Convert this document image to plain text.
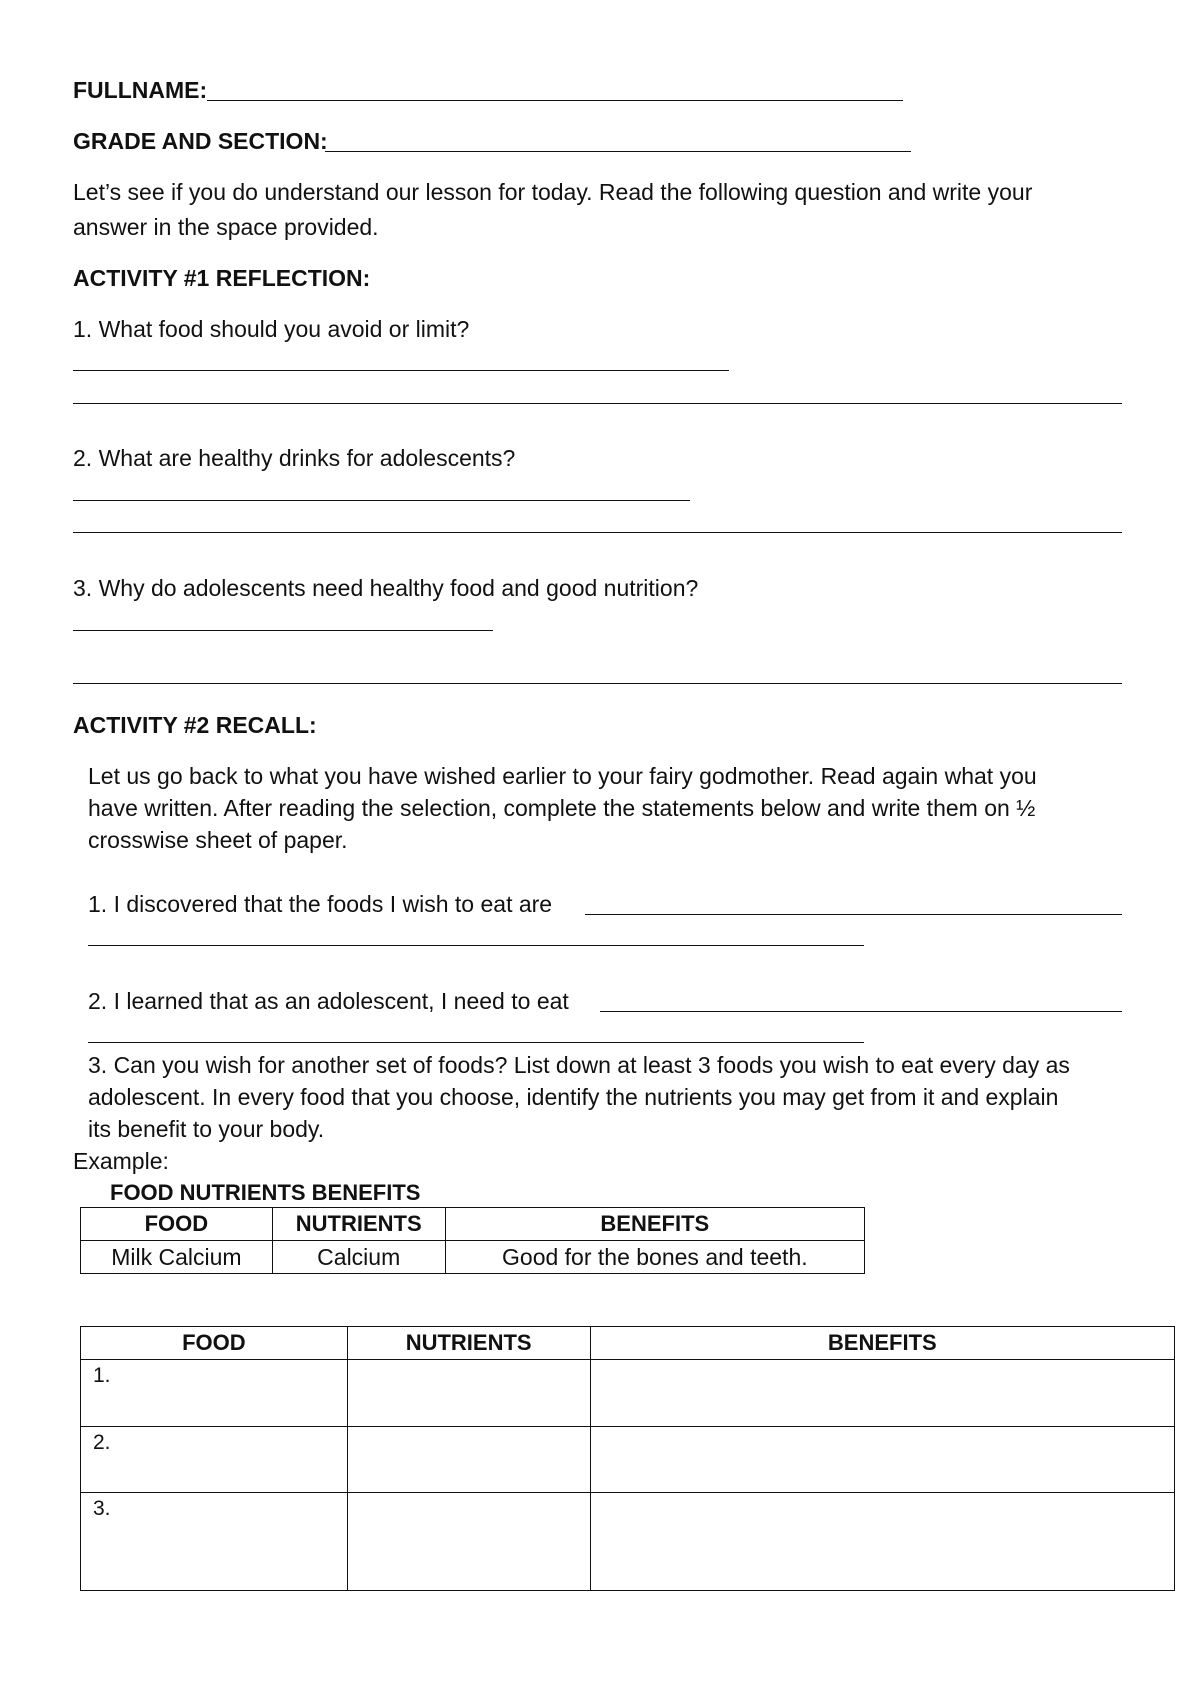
FULLNAME:
GRADE AND SECTION:
Let’s see if you do understand our lesson for today. Read the following question and write your
answer in the space provided.
ACTIVITY #1 REFLECTION:
1. What food should you avoid or limit?
2. What are healthy drinks for adolescents?
3. Why do adolescents need healthy food and good nutrition?
ACTIVITY #2 RECALL:
Let us go back to what you have wished earlier to your fairy godmother. Read again what you
have written. After reading the selection, complete the statements below and write them on ½
crosswise sheet of paper.
1. I discovered that the foods I wish to eat are
2. I learned that as an adolescent, I need to eat
3. Can you wish for another set of foods? List down at least 3 foods you wish to eat every day as
adolescent. In every food that you choose, identify the nutrients you may get from it and explain
its benefit to your body.
Example:
FOOD NUTRIENTS BENEFITS
FOOD	NUTRIENTS	BENEFITS
Milk Calcium	Calcium	Good for the bones and teeth.
FOOD	NUTRIENTS	BENEFITS
1.		
2.		
3.		
